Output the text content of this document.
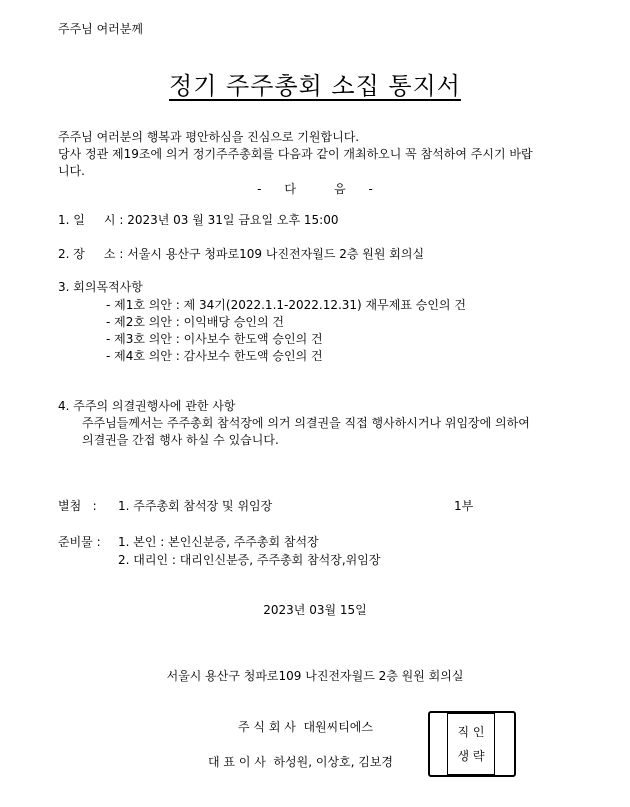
주주님 여러분께
정기 주주총회 소집 통지서
주주님 여러분의 행복과 평안하심을 진심으로 기원합니다.
당사 정관 제19조에 의거 정기주주총회를 다음과 같이 개최하오니 꼭 참석하여 주시기 바랍
니다.
-      다          음      -
1. 일     시 : 2023년 03 월 31일 금요일 오후 15:00
2. 장     소 : 서울시 용산구 청파로109 나진전자월드 2층 원원 회의실
3. 회의목적사항
- 제1호 의안 : 제 34기(2022.1.1-2022.12.31) 재무제표 승인의 건
- 제2호 의안 : 이익배당 승인의 건
- 제3호 의안 : 이사보수 한도액 승인의 건
- 제4호 의안 : 감사보수 한도액 승인의 건
4. 주주의 의결권행사에 관한 사항
주주님들께서는 주주총회 참석장에 의거 의결권을 직접 행사하시거나 위임장에 의하여
의결권을 간접 행사 하실 수 있습니다.
별첨   : 1. 주주총회 참석장 및 위임장	1부
준비물 : 1. 본인 : 본인신분증, 주주총회 참석장
2. 대리인 : 대리인신분증, 주주총회 참석장,위임장
2023년 03월 15일
서울시 용산구 청파로109 나진전자월드 2층 원원 회의실
주 식 회 사  대원씨티에스
대 표 이 사  하성원, 이상호, 김보경
직 인
생 략
